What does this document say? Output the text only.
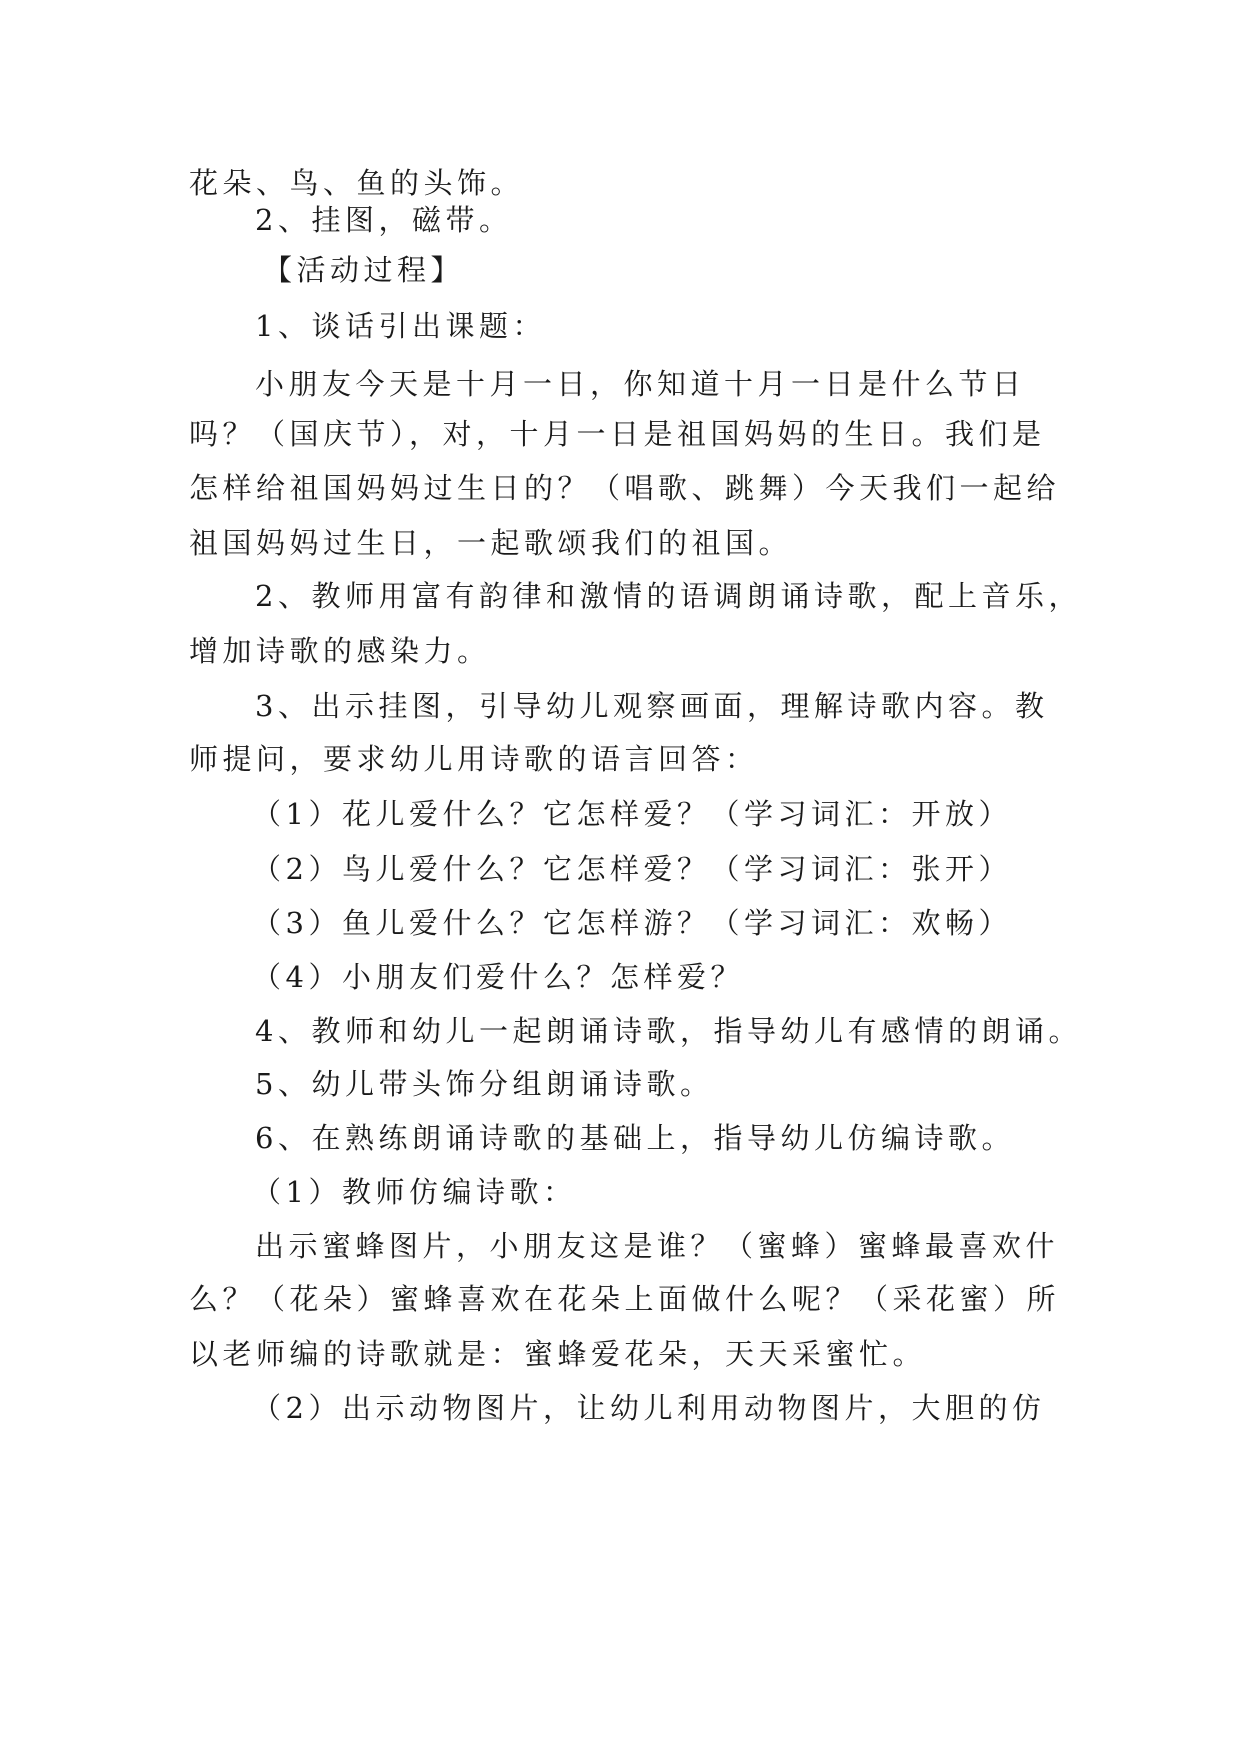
花朵、鸟、鱼的头饰。
2、挂图，磁带。
【活动过程】
1、谈话引出课题：
小朋友今天是十月一日，你知道十月一日是什么节日
吗？（国庆节），对，十月一日是祖国妈妈的生日。我们是
怎样给祖国妈妈过生日的？（唱歌、跳舞）今天我们一起给
祖国妈妈过生日，一起歌颂我们的祖国。
2、教师用富有韵律和激情的语调朗诵诗歌，配上音乐，
增加诗歌的感染力。
3、出示挂图，引导幼儿观察画面，理解诗歌内容。教
师提问，要求幼儿用诗歌的语言回答：
（1）花儿爱什么？它怎样爱？（学习词汇：开放）
（2）鸟儿爱什么？它怎样爱？（学习词汇：张开）
（3）鱼儿爱什么？它怎样游？（学习词汇：欢畅）
（4）小朋友们爱什么？怎样爱？
4、教师和幼儿一起朗诵诗歌，指导幼儿有感情的朗诵。
5、幼儿带头饰分组朗诵诗歌。
6、在熟练朗诵诗歌的基础上，指导幼儿仿编诗歌。
（1）教师仿编诗歌：
出示蜜蜂图片，小朋友这是谁？（蜜蜂）蜜蜂最喜欢什
么？（花朵）蜜蜂喜欢在花朵上面做什么呢？（采花蜜）所
以老师编的诗歌就是：蜜蜂爱花朵，天天采蜜忙。
（2）出示动物图片，让幼儿利用动物图片，大胆的仿
